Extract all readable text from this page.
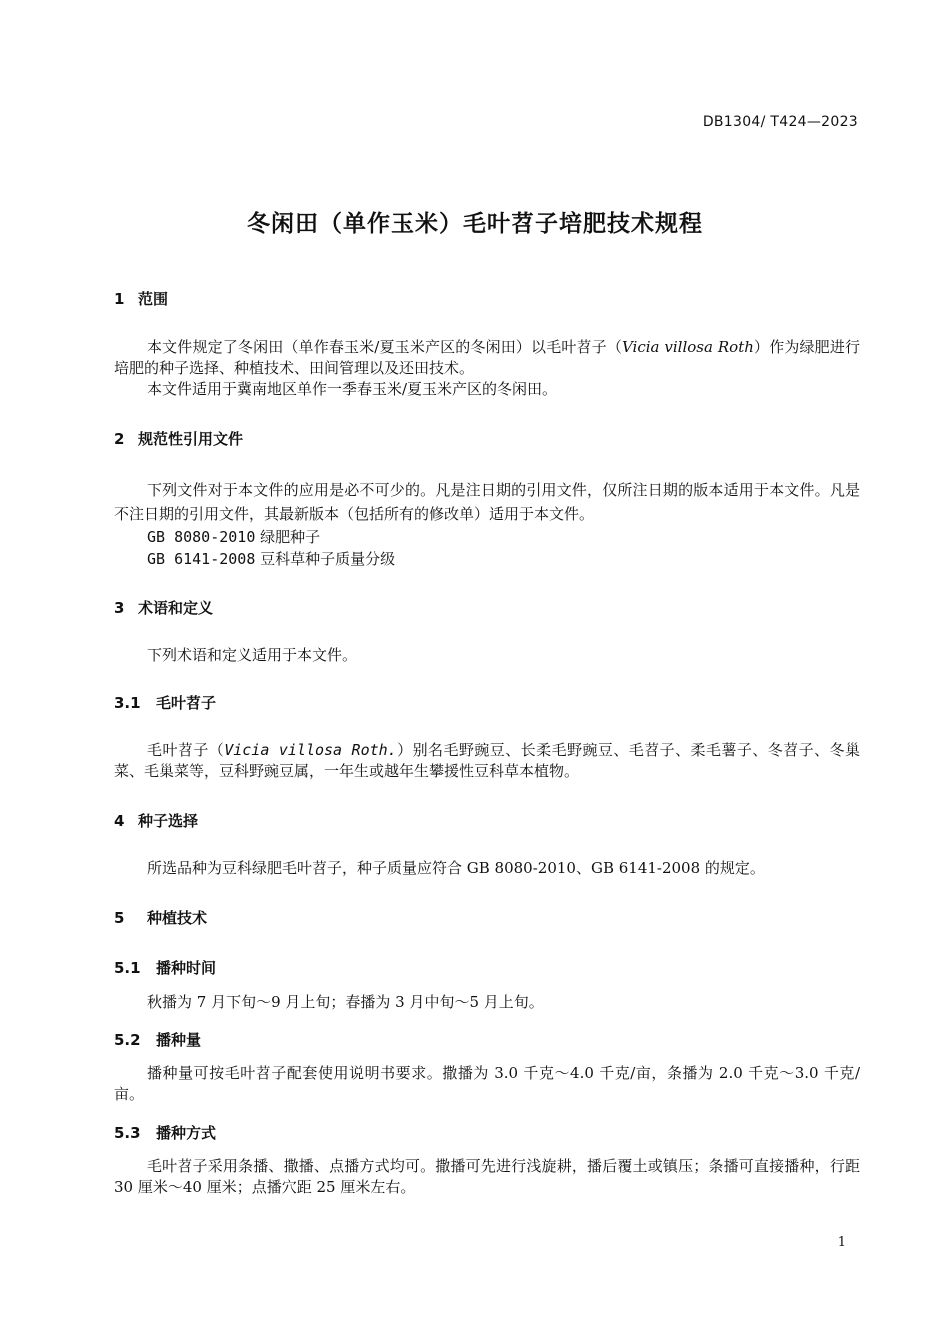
DB1304/ T424—2023
冬闲田（单作玉米）毛叶苕子培肥技术规程
1 范围
本文件规定了冬闲田（单作春玉米/夏玉米产区的冬闲田）以毛叶苕子（Vicia villosa Roth）作为绿肥进行培肥的种子选择、种植技术、田间管理以及还田技术。
本文件适用于冀南地区单作一季春玉米/夏玉米产区的冬闲田。
2 规范性引用文件
下列文件对于本文件的应用是必不可少的。凡是注日期的引用文件，仅所注日期的版本适用于本文件。凡是不注日期的引用文件，其最新版本（包括所有的修改单）适用于本文件。
GB 8080-2010 绿肥种子
GB 6141-2008 豆科草种子质量分级
3 术语和定义
下列术语和定义适用于本文件。
3.1 毛叶苕子
毛叶苕子（Vicia villosa Roth.）别名毛野豌豆、长柔毛野豌豆、毛苕子、柔毛薯子、冬苕子、冬巢菜、毛巢菜等，豆科野豌豆属，一年生或越年生攀援性豆科草本植物。
4 种子选择
所选品种为豆科绿肥毛叶苕子，种子质量应符合 GB 8080-2010、GB 6141-2008 的规定。
5 种植技术
5.1 播种时间
秋播为 7 月下旬～9 月上旬；春播为 3 月中旬～5 月上旬。
5.2 播种量
播种量可按毛叶苕子配套使用说明书要求。撒播为 3.0 千克～4.0 千克/亩，条播为 2.0 千克～3.0 千克/亩。
5.3 播种方式
毛叶苕子采用条播、撒播、点播方式均可。撒播可先进行浅旋耕，播后覆土或镇压；条播可直接播种，行距 30 厘米～40 厘米；点播穴距 25 厘米左右。
1
